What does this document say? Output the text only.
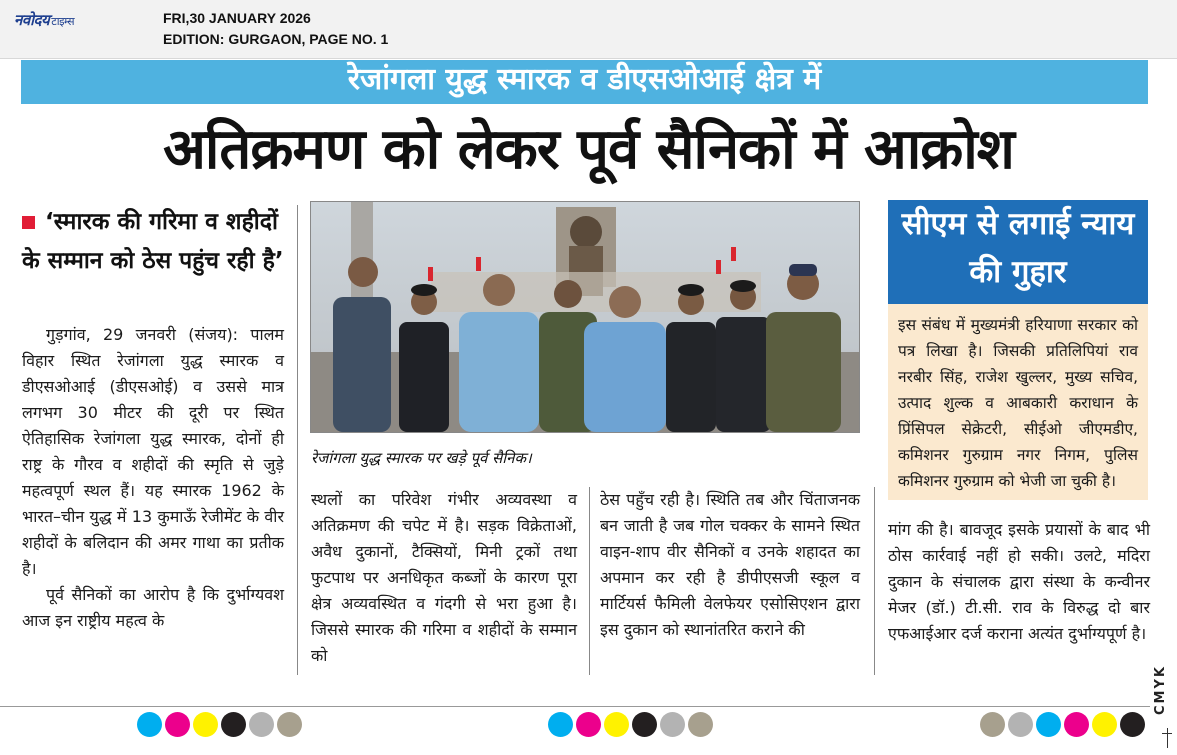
नवोदय टाइम्स	FRI,30 JANUARY 2026
EDITION: GURGAON, PAGE NO. 1
रेजांगला युद्ध स्मारक व डीएसओआई क्षेत्र में
अतिक्रमण को लेकर पूर्व सैनिकों में आक्रोश
‘स्मारक की गरिमा व शहीदों के सम्मान को ठेस पहुंच रही है’

गुड़गांव, 29 जनवरी (संजय): पालम विहार स्थित रेजांगला युद्ध स्मारक व डीएसओआई (डीएसओई) व उससे मात्र लगभग 30 मीटर की दूरी पर स्थित ऐतिहासिक रेजांगला युद्ध स्मारक, दोनों ही राष्ट्र के गौरव व शहीदों की स्मृति से जुड़े महत्वपूर्ण स्थल हैं। यह स्मारक 1962 के भारत–चीन युद्ध में 13 कुमाऊँ रेजीमेंट के वीर शहीदों के बलिदान की अमर गाथा का प्रतीक है।

पूर्व सैनिकों का आरोप है कि दुर्भाग्यवश आज इन राष्ट्रीय महत्व के

रेजांगला युद्ध स्मारक पर खड़े पूर्व सैनिक।

स्थलों का परिवेश गंभीर अव्यवस्था व अतिक्रमण की चपेट में है। सड़क विक्रेताओं, अवैध दुकानों, टैक्सियों, मिनी ट्रकों तथा फुटपाथ पर अनधिकृत कब्जों के कारण पूरा क्षेत्र अव्यवस्थित व गंदगी से भरा हुआ है। जिससे स्मारक की गरिमा व शहीदों के सम्मान को

ठेस पहुँच रही है। स्थिति तब और चिंताजनक बन जाती है जब गोल चक्कर के सामने स्थित वाइन-शाप वीर सैनिकों व उनके शहादत का अपमान कर रही है डीपीएसजी स्कूल व मार्टियर्स फैमिली वेलफेयर एसोसिएशन द्वारा इस दुकान को स्थानांतरित कराने की

सीएम से लगाई न्याय की गुहार

इस संबंध में मुख्यमंत्री हरियाणा सरकार को पत्र लिखा है। जिसकी प्रतिलिपियां राव नरबीर सिंह, राजेश खुल्लर, मुख्य सचिव, उत्पाद शुल्क व आबकारी कराधान के प्रिंसिपल सेक्रेटरी, सीईओ जीएमडीए, कमिशनर गुरुग्राम नगर निगम, पुलिस कमिशनर गुरुग्राम को भेजी जा चुकी है।

मांग की है। बावजूद इसके प्रयासों के बाद भी ठोस कार्रवाई नहीं हो सकी। उलटे, मदिरा दुकान के संचालक द्वारा संस्था के कन्वीनर मेजर (डॉ.) टी.सी. राव के विरुद्ध दो बार एफआईआर दर्ज कराना अत्यंत दुर्भाग्यपूर्ण है।

CMYK
